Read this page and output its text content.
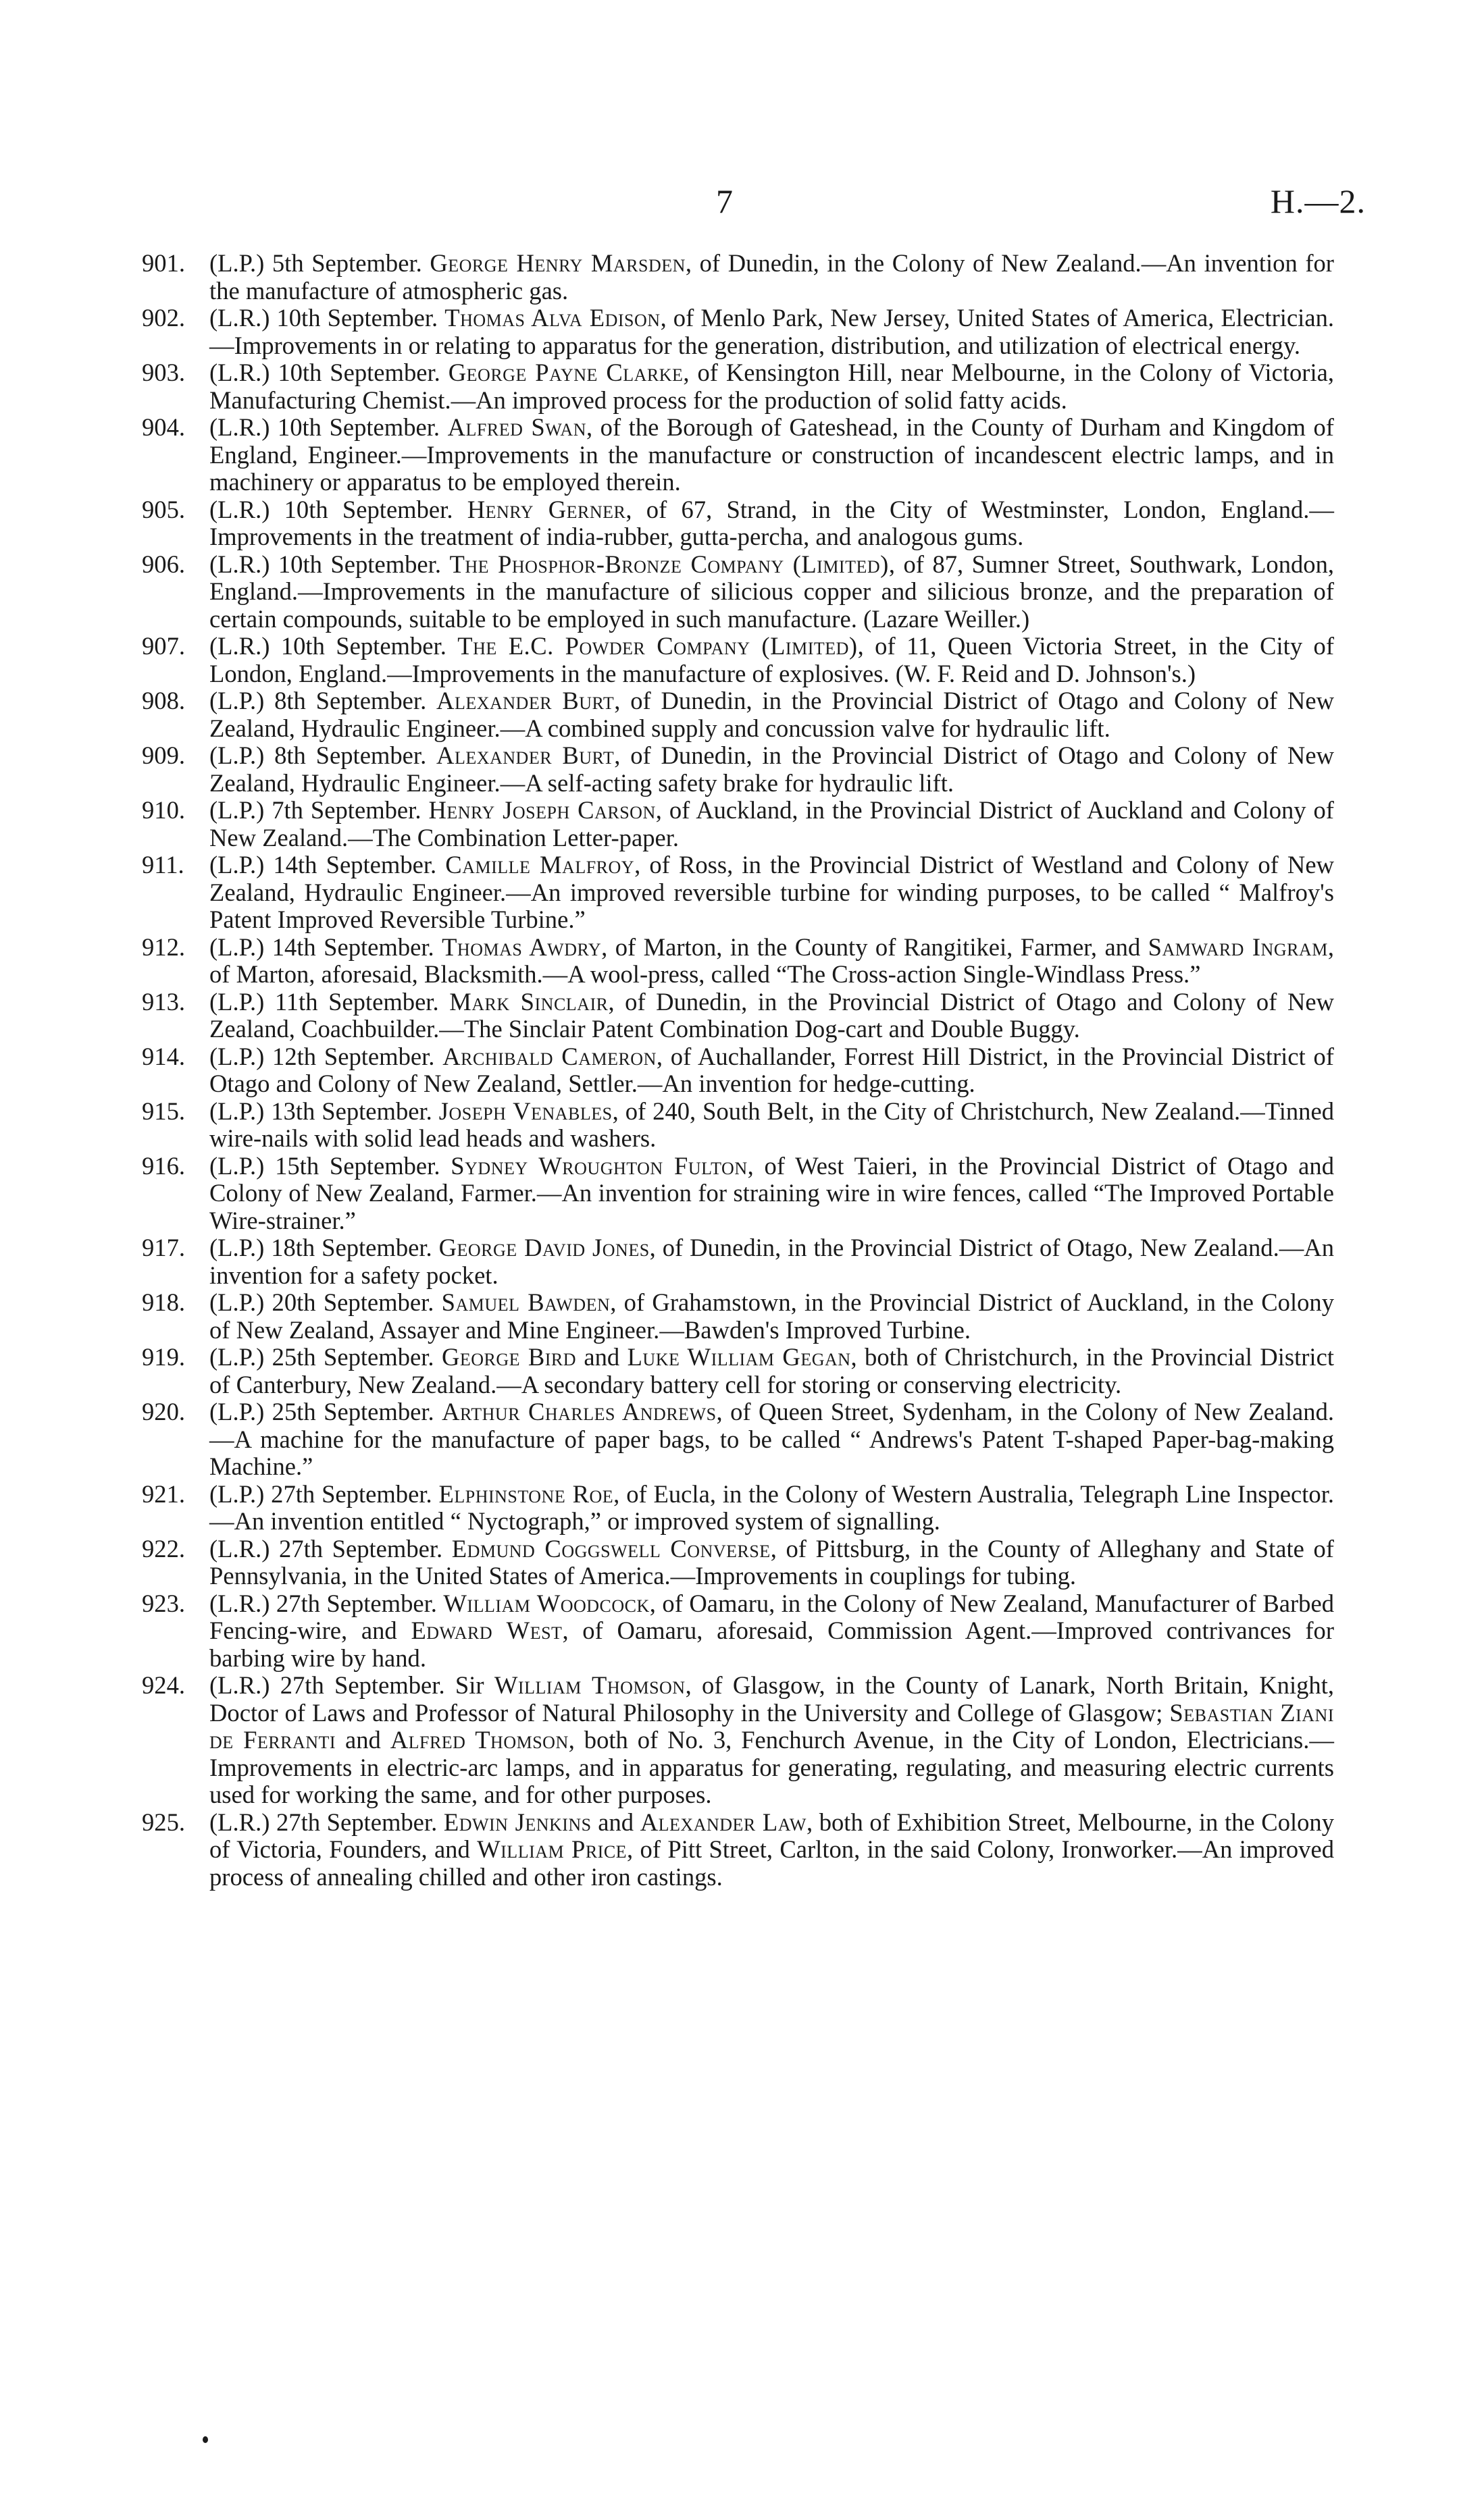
7	H.—2.
901. (L.P.) 5th September. George Henry Marsden, of Dunedin, in the Colony of New Zealand.—An invention for the manufacture of atmospheric gas.
902. (L.R.) 10th September. Thomas Alva Edison, of Menlo Park, New Jersey, United States of America, Electrician.—Improvements in or relating to apparatus for the generation, distribution, and utilization of electrical energy.
903. (L.R.) 10th September. George Payne Clarke, of Kensington Hill, near Melbourne, in the Colony of Victoria, Manufacturing Chemist.—An improved process for the production of solid fatty acids.
904. (L.R.) 10th September. Alfred Swan, of the Borough of Gateshead, in the County of Durham and Kingdom of England, Engineer.—Improvements in the manufacture or construction of incandescent electric lamps, and in machinery or apparatus to be employed therein.
905. (L.R.) 10th September. Henry Gerner, of 67, Strand, in the City of Westminster, London, England.—Improvements in the treatment of india-rubber, gutta-percha, and analogous gums.
906. (L.R.) 10th September. The Phosphor-Bronze Company (Limited), of 87, Sumner Street, Southwark, London, England.—Improvements in the manufacture of silicious copper and silicious bronze, and the preparation of certain compounds, suitable to be employed in such manufacture. (Lazare Weiller.)
907. (L.R.) 10th September. The E.C. Powder Company (Limited), of 11, Queen Victoria Street, in the City of London, England.—Improvements in the manufacture of explosives. (W. F. Reid and D. Johnson's.)
908. (L.P.) 8th September. Alexander Burt, of Dunedin, in the Provincial District of Otago and Colony of New Zealand, Hydraulic Engineer.—A combined supply and concussion valve for hydraulic lift.
909. (L.P.) 8th September. Alexander Burt, of Dunedin, in the Provincial District of Otago and Colony of New Zealand, Hydraulic Engineer.—A self-acting safety brake for hydraulic lift.
910. (L.P.) 7th September. Henry Joseph Carson, of Auckland, in the Provincial District of Auckland and Colony of New Zealand.—The Combination Letter-paper.
911.	(L.P.) 14th September. Camille Malfroy, of Ross, in the Provincial District of Westland and Colony of New Zealand, Hydraulic Engineer.—An improved reversible turbine for winding purposes, to be called “ Malfroy's Patent Improved Reversible Turbine.”
912. (L.P.) 14th September. Thomas Awdry, of Marton, in the County of Rangitikei, Farmer, and Samward Ingram, of Marton, aforesaid, Blacksmith.—A wool-press, called “The Cross-action Single-Windlass Press.”
913. (L.P.) 11th September. Mark Sinclair, of Dunedin, in the Provincial District of Otago and Colony of New Zealand, Coachbuilder.—The Sinclair Patent Combination Dog-cart and Double Buggy.
914. (L.P.) 12th September. Archibald Cameron, of Auchallander, Forrest Hill District, in the Provincial District of Otago and Colony of New Zealand, Settler.—An invention for hedge-cutting.
915. (L.P.) 13th September. Joseph Venables, of 240, South Belt, in the City of Christchurch, New Zealand.—Tinned wire-nails with solid lead heads and washers.
916. (L.P.) 15th September. Sydney Wroughton Fulton, of West Taieri, in the Provincial District of Otago and Colony of New Zealand, Farmer.—An invention for straining wire in wire fences, called “The Improved Portable Wire-strainer.”
917. (L.P.) 18th September. George David Jones, of Dunedin, in the Provincial District of Otago, New Zealand.—An invention for a safety pocket.
918. (L.P.) 20th September. Samuel Bawden, of Grahamstown, in the Provincial District of Auckland, in the Colony of New Zealand, Assayer and Mine Engineer.—Bawden's Improved Turbine.
919. (L.P.) 25th September. George Bird and Luke William Gegan, both of Christchurch, in the Provincial District of Canterbury, New Zealand.—A secondary battery cell for storing or conserving electricity.
920. (L.P.) 25th September. Arthur Charles Andrews, of Queen Street, Sydenham, in the Colony of New Zealand.—A machine for the manufacture of paper bags, to be called “ Andrews's Patent T-shaped Paper-bag-making Machine.”
921. (L.P.) 27th September. Elphinstone Roe, of Eucla, in the Colony of Western Australia, Telegraph Line Inspector.—An invention entitled “ Nyctograph,” or improved system of signalling.
922. (L.R.) 27th September. Edmund Coggswell Converse, of Pittsburg, in the County of Alleghany and State of Pennsylvania, in the United States of America.—Improvements in couplings for tubing.
923. (L.R.) 27th September. William Woodcock, of Oamaru, in the Colony of New Zealand, Manufacturer of Barbed Fencing-wire, and Edward West, of Oamaru, aforesaid, Commission Agent.—Improved contrivances for barbing wire by hand.
924. (L.R.) 27th September. Sir William Thomson, of Glasgow, in the County of Lanark, North Britain, Knight, Doctor of Laws and Professor of Natural Philosophy in the University and College of Glasgow; Sebastian Ziani de Ferranti and Alfred Thomson, both of No. 3, Fenchurch Avenue, in the City of London, Electricians.—Improvements in electric-arc lamps, and in apparatus for generating, regulating, and measuring electric currents used for working the same, and for other purposes.
925. (L.R.) 27th September. Edwin Jenkins and Alexander Law, both of Exhibition Street, Melbourne, in the Colony of Victoria, Founders, and William Price, of Pitt Street, Carlton, in the said Colony, Ironworker.—An improved process of annealing chilled and other iron castings.
